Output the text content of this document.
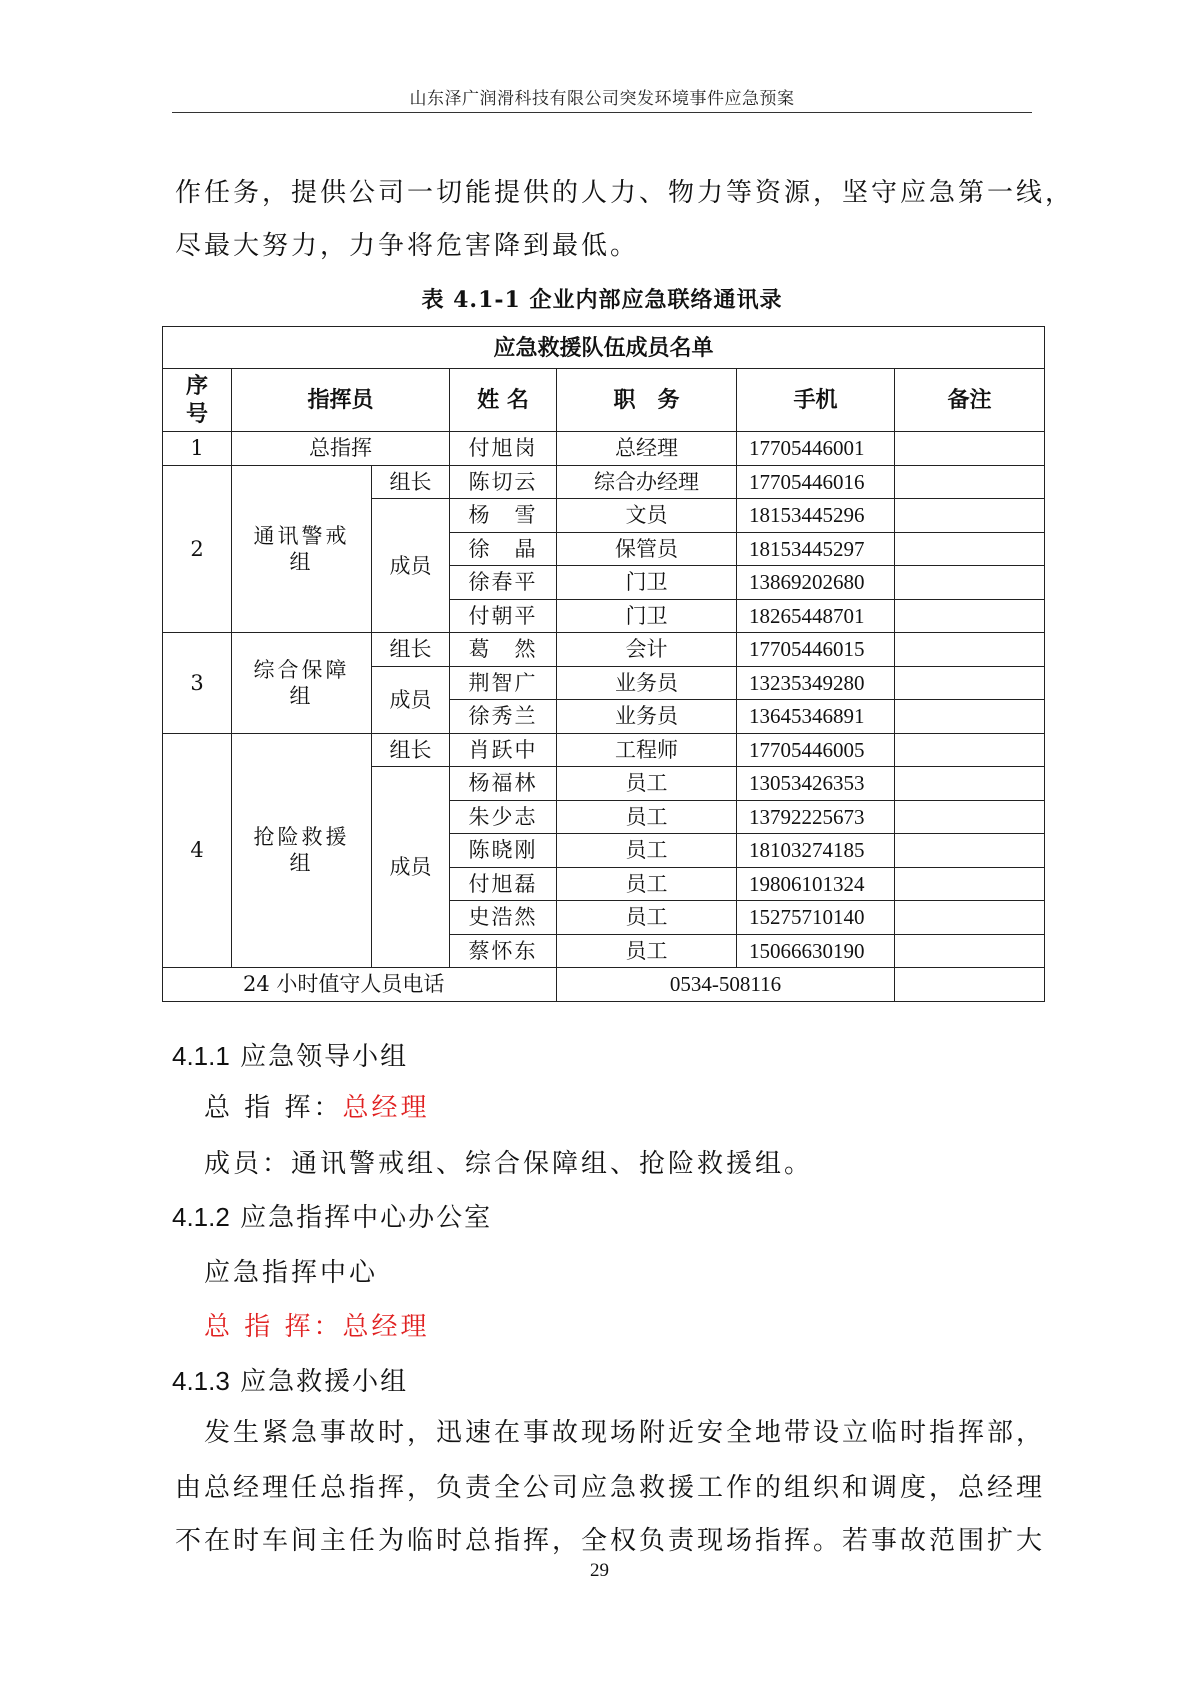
山东泽广润滑科技有限公司突发环境事件应急预案
作任务，提供公司一切能提供的人力、物力等资源，坚守应急第一线，
尽最大努力，力争将危害降到最低。
表 4.1-1 企业内部应急联络通讯录
应急救援队伍成员名单						
序号	指挥员		姓 名	职　务	手机	备注
1	总指挥		付旭岗	总经理	17705446001	
2	通讯警戒组	组长	陈切云	综合办经理	17705446016	
		成员	杨　雪	文员	18153445296	
			徐　晶	保管员	18153445297	
			徐春平	门卫	13869202680	
			付朝平	门卫	18265448701	
3	综合保障组	组长	葛　然	会计	17705446015	
		成员	荆智广	业务员	13235349280	
			徐秀兰	业务员	13645346891	
4	抢险救援组	组长	肖跃中	工程师	17705446005	
		成员	杨福林	员工	13053426353	
			朱少志	员工	13792225673	
			陈晓刚	员工	18103274185	
			付旭磊	员工	19806101324	
			史浩然	员工	15275710140	
			蔡怀东	员工	15066630190	
24 小时值守人员电话				0534-508116		
4.1.1 应急领导小组
总 指 挥：总经理
成员：通讯警戒组、综合保障组、抢险救援组。
4.1.2 应急指挥中心办公室
应急指挥中心
总 指 挥：总经理
4.1.3 应急救援小组
　发生紧急事故时，迅速在事故现场附近安全地带设立临时指挥部，
由总经理任总指挥，负责全公司应急救援工作的组织和调度，总经理
不在时车间主任为临时总指挥，全权负责现场指挥。若事故范围扩大
29
